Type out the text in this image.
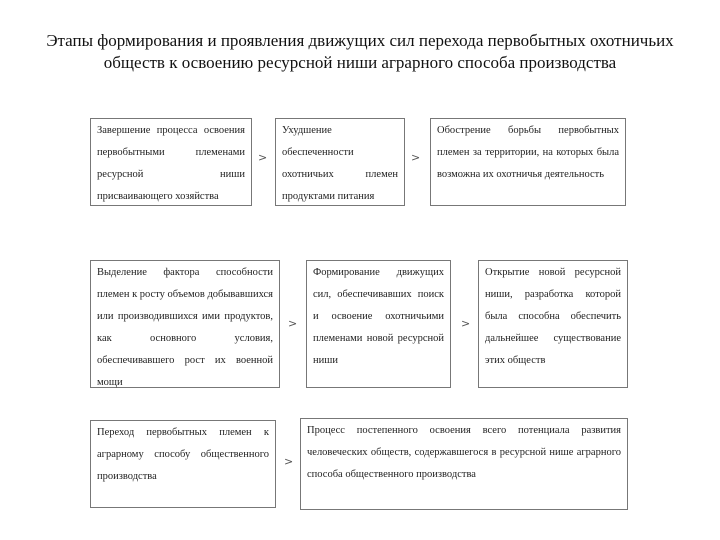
Этапы формирования и проявления движущих сил перехода первобытных охотничьих обществ к освоению ресурсной ниши аграрного способа производства
Завершение процесса освоения первобытными племенами ресурсной ниши присваивающего хозяйства
>
Ухудшение обеспеченности охотничьих племен продуктами питания
>
Обострение борьбы первобытных племен за территории, на которых была возможна их охотничья деятельность
Выделение фактора способности племен к росту объемов добывавшихся или производившихся ими продуктов, как основного условия, обеспечивавшего рост их военной мощи
>
Формирование движущих сил, обеспечивавших поиск и освоение охотничьими племенами новой ресурсной ниши
>
Открытие новой ресурсной ниши, разработка которой была способна обеспечить дальнейшее существование этих обществ
Переход первобытных племен к аграрному способу общественного производства
>
Процесс постепенного освоения всего потенциала развития человеческих обществ, содержавшегося в ресурсной нише аграрного способа общественного производства
